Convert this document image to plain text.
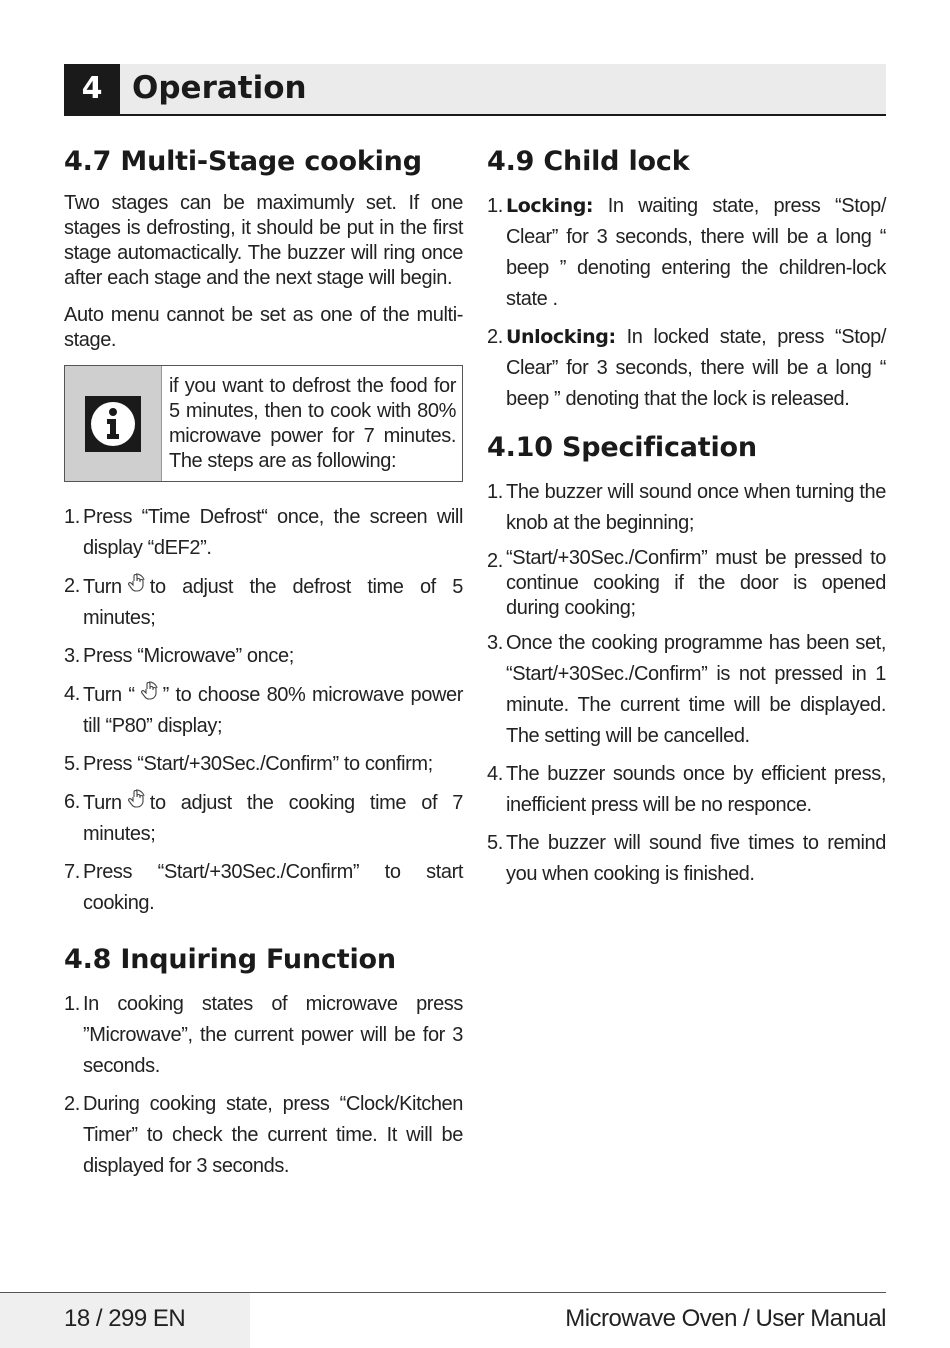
4 Operation
4.7 Multi-Stage cooking

Two stages can be maximumly set. If one stages is defrosting, it should be put in the first stage automactically. The buzzer will ring once after each stage and the next stage will begin.

Auto menu cannot be set as one of the multi-stage.

if you want to defrost the food for 5 minutes, then to cook with 80% microwave power for 7 minutes. The steps are as following:
1. Press “Time Defrost“ once, the screen will display “dEF2”.
2. Turn to adjust the defrost time of 5 minutes;
3. Press “Microwave” once;
4. Turn “ ” to choose 80% microwave power till “P80” display;
5. Press “Start/+30Sec./Confirm” to confirm;
6. Turn to adjust the cooking time of 7 minutes;
7. Press “Start/+30Sec./Confirm” to start cooking.
4.8 Inquiring Function
1. In cooking states of microwave press ”Microwave”, the current power will be for 3 seconds.
2. During cooking state, press “Clock/Kitchen Timer” to check the current time. It will be displayed for 3 seconds.
4.9 Child lock
1. Locking: In waiting state, press “Stop/ Clear” for 3 seconds, there will be a long “ beep ” denoting entering the children-lock state .
2. Unlocking: In locked state, press “Stop/ Clear” for 3 seconds, there will be a long “ beep ” denoting that the lock is released.
4.10 Specification
1. The buzzer will sound once when turning the knob at the beginning;
2. “Start/+30Sec./Confirm” must be pressed to continue cooking if the door is opened during cooking;
3. Once the cooking programme has been set, “Start/+30Sec./Confirm” is not pressed in 1 minute. The current time will be displayed. The setting will be cancelled.
4. The buzzer sounds once by efficient press, inefficient press will be no responce.
5. The buzzer will sound five times to remind you when cooking is finished.
18 / 299 EN	Microwave Oven / User Manual
